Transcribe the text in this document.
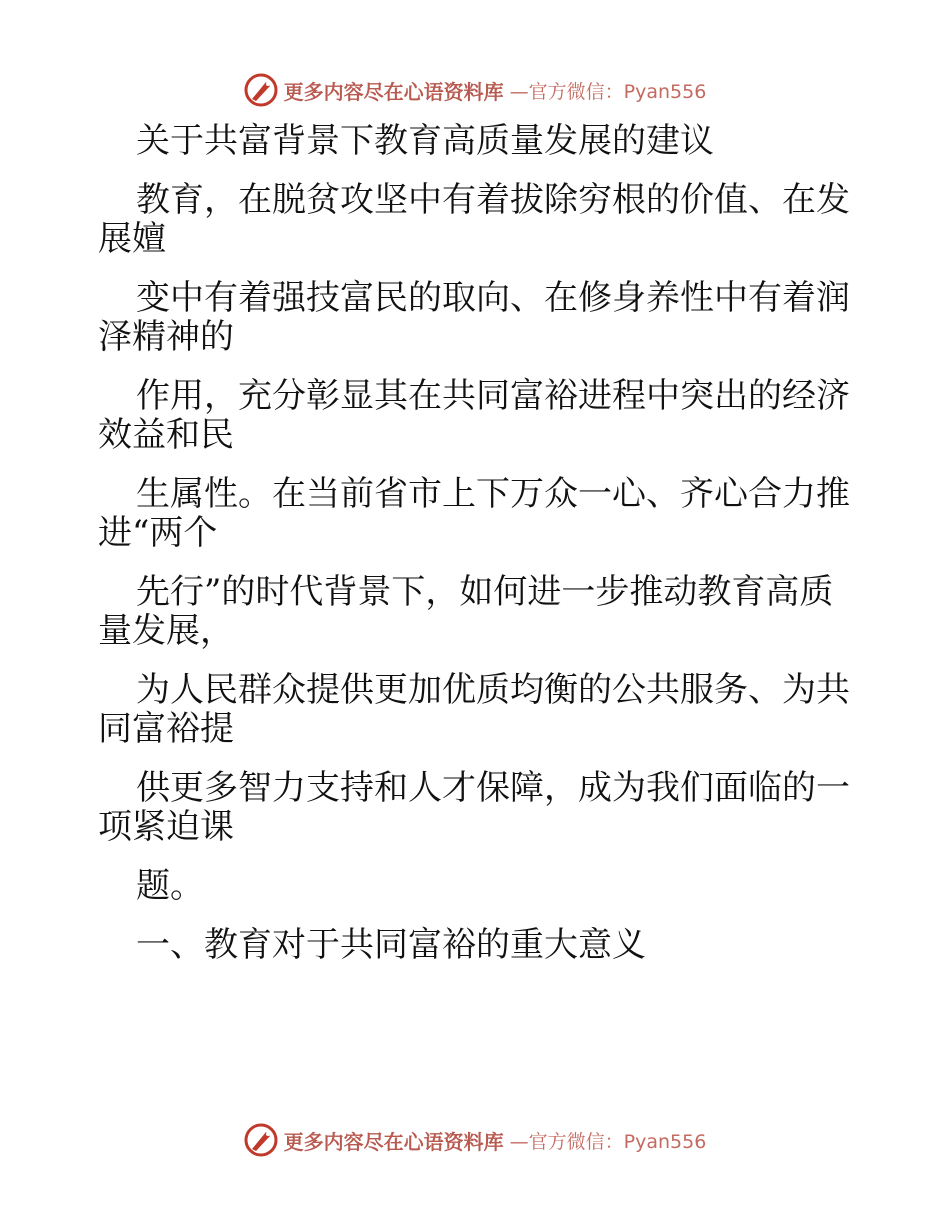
更多内容尽在心语资料库 —官方微信：Pyan556

关于共富背景下教育高质量发展的建议

教育，在脱贫攻坚中有着拔除穷根的价值、在发

展嬗

变中有着强技富民的取向、在修身养性中有着润

泽精神的

作用，充分彰显其在共同富裕进程中突出的经济

效益和民

生属性。在当前省市上下万众一心、齐心合力推

进“两个

先行”的时代背景下，如何进一步推动教育高质

量发展，

为人民群众提供更加优质均衡的公共服务、为共

同富裕提

供更多智力支持和人才保障，成为我们面临的一

项紧迫课

题。

一、教育对于共同富裕的重大意义

更多内容尽在心语资料库 —官方微信：Pyan556
